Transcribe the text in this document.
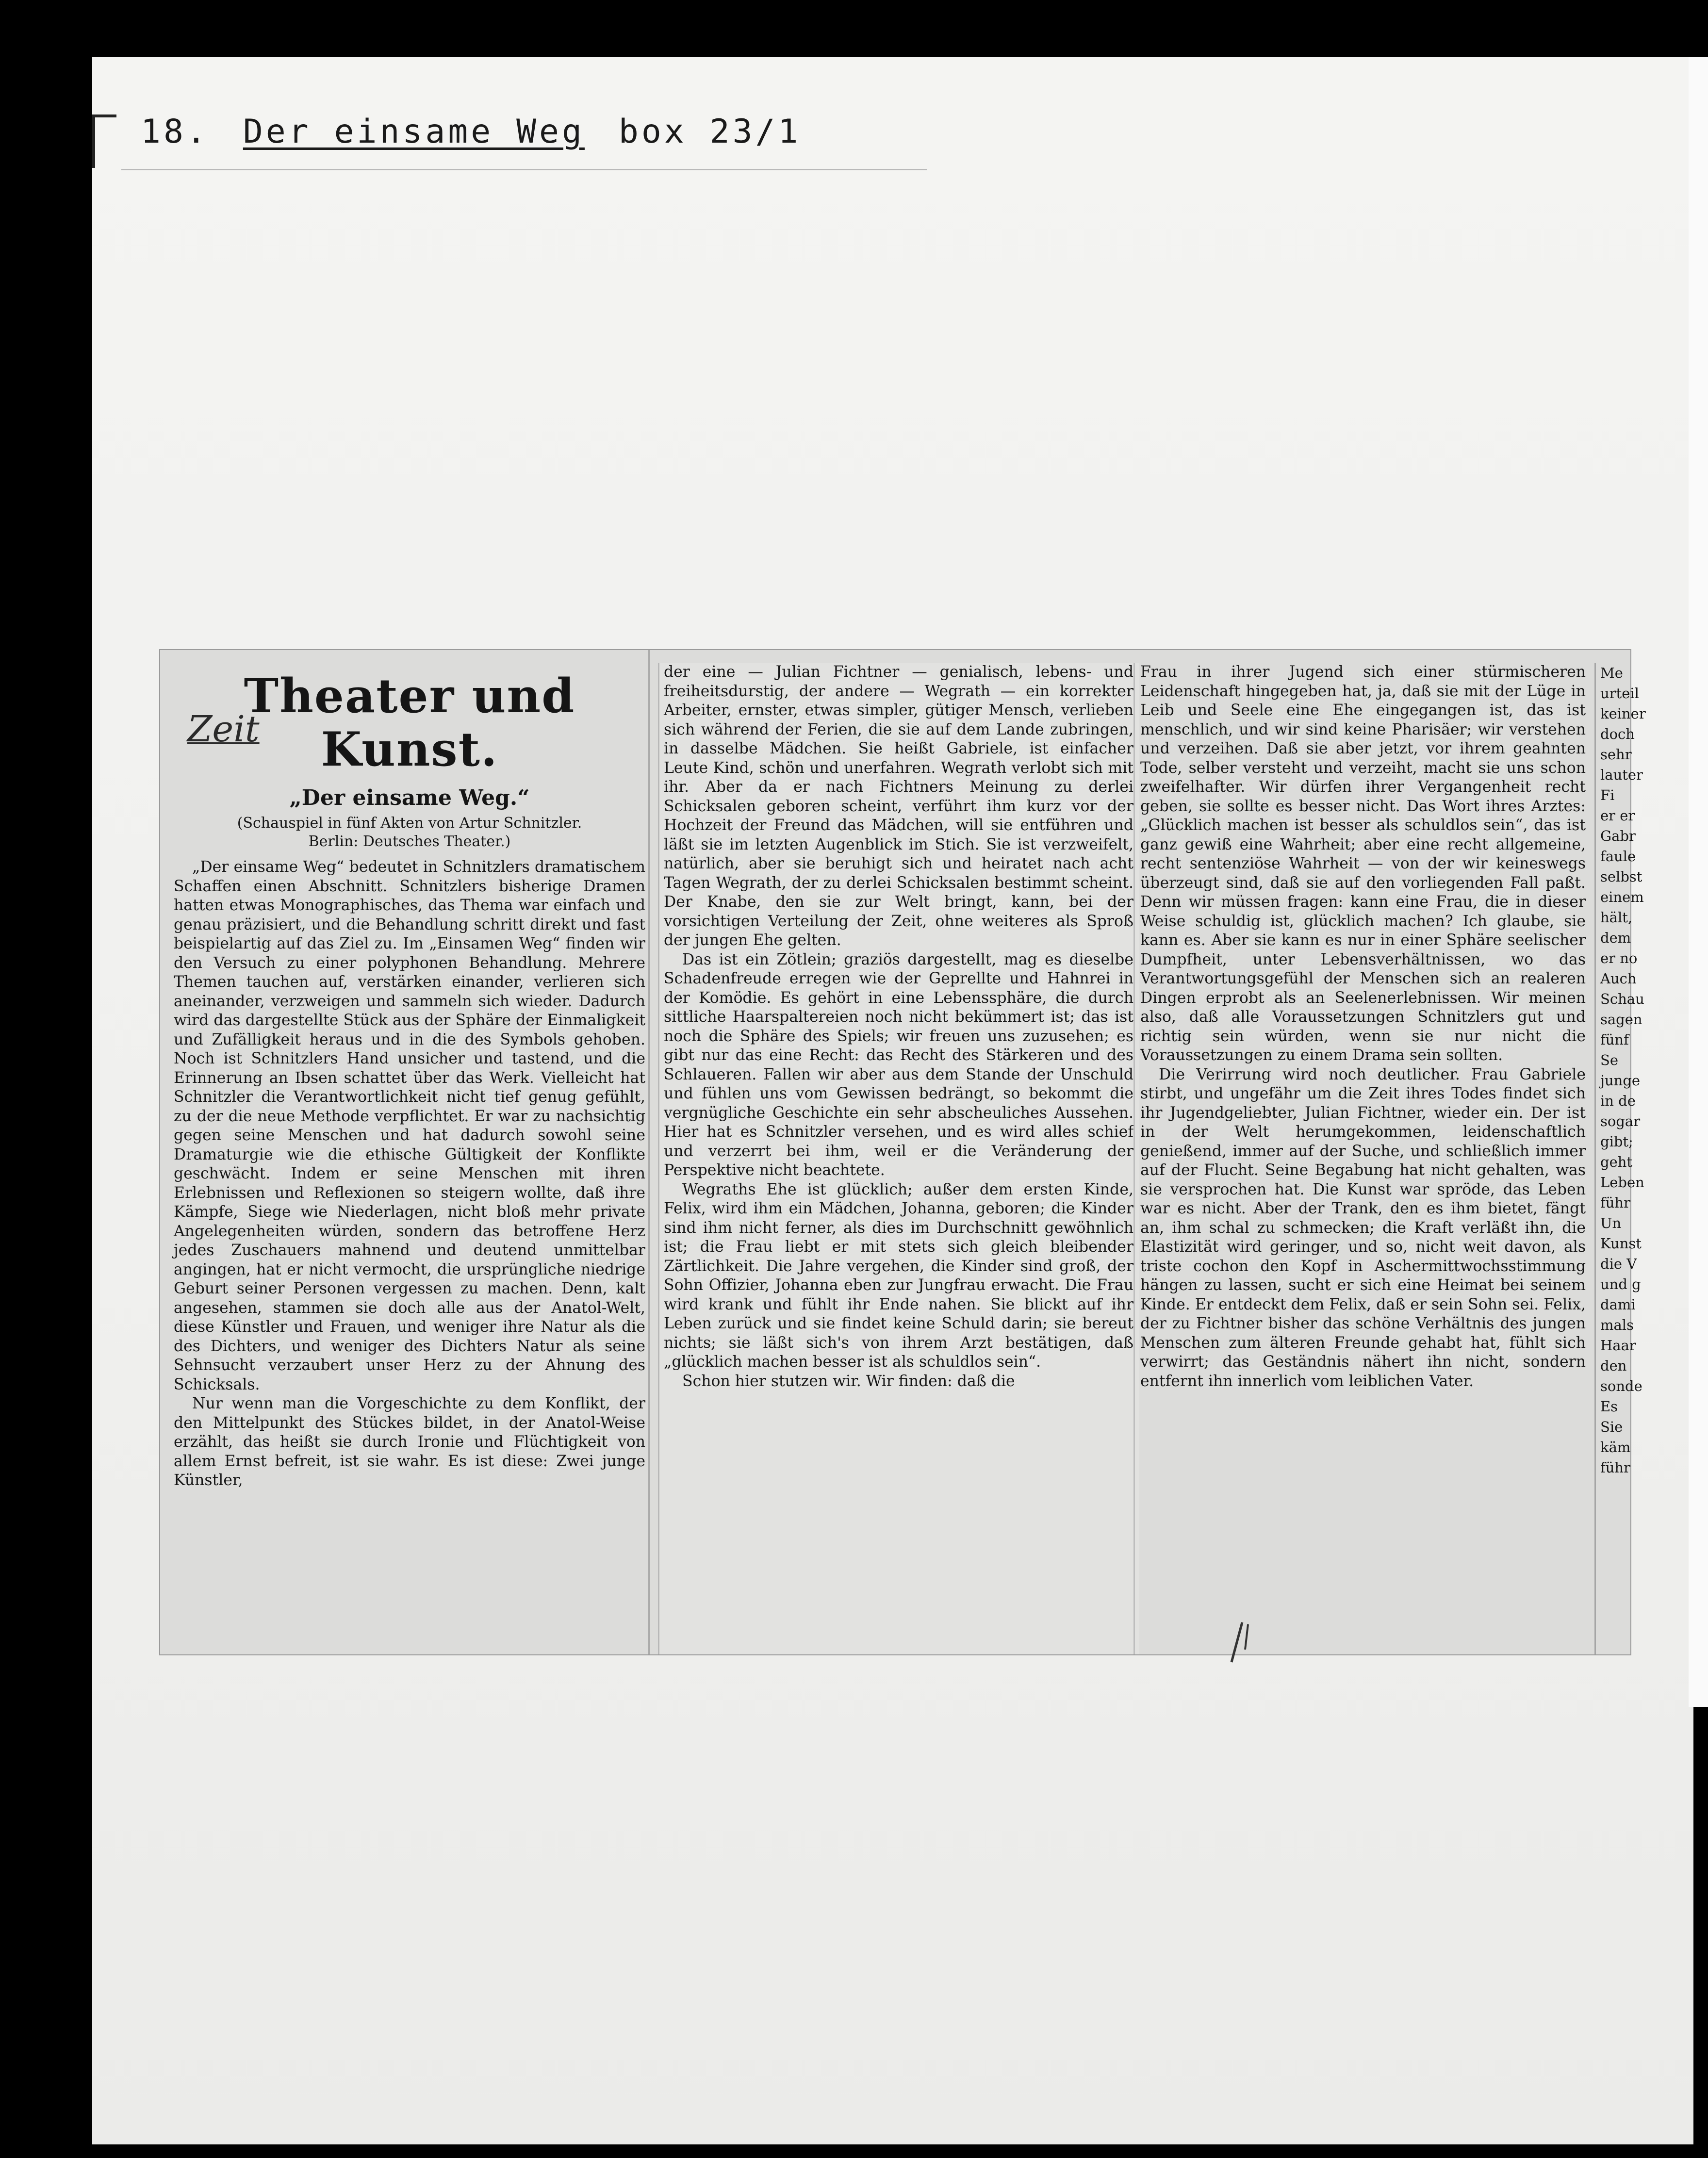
18. Der einsame Weg box 23/1
Zeit

Theater und Kunst.

„Der einsame Weg.“

(Schauspiel in fünf Akten von Artur Schnitzler.
Berlin: Deutsches Theater.)

„Der einsame Weg“ bedeutet in Schnitzlers dramatischem Schaffen einen Abschnitt. Schnitzlers bisherige Dramen hatten etwas Monographisches, das Thema war einfach und genau präzisiert, und die Behandlung schritt direkt und fast beispielartig auf das Ziel zu. Im „Einsamen Weg“ finden wir den Versuch zu einer polyphonen Behandlung. Mehrere Themen tauchen auf, verstärken einander, verlieren sich aneinander, verzweigen und sammeln sich wieder. Dadurch wird das dargestellte Stück aus der Sphäre der Einmaligkeit und Zufälligkeit heraus und in die des Symbols gehoben. Noch ist Schnitzlers Hand unsicher und tastend, und die Erinnerung an Ibsen schattet über das Werk. Vielleicht hat Schnitzler die Verantwortlichkeit nicht tief genug gefühlt, zu der die neue Methode verpflichtet. Er war zu nachsichtig gegen seine Menschen und hat dadurch sowohl seine Dramaturgie wie die ethische Gültigkeit der Konflikte geschwächt. Indem er seine Menschen mit ihren Erlebnissen und Reflexionen so steigern wollte, daß ihre Kämpfe, Siege wie Niederlagen, nicht bloß mehr private Angelegenheiten würden, sondern das betroffene Herz jedes Zuschauers mahnend und deutend unmittelbar angingen, hat er nicht vermocht, die ursprüngliche niedrige Geburt seiner Personen vergessen zu machen. Denn, kalt angesehen, stammen sie doch alle aus der Anatol-Welt, diese Künstler und Frauen, und weniger ihre Natur als die des Dichters, und weniger des Dichters Natur als seine Sehnsucht verzaubert unser Herz zu der Ahnung des Schicksals.

Nur wenn man die Vorgeschichte zu dem Konflikt, der den Mittelpunkt des Stückes bildet, in der Anatol-Weise erzählt, das heißt sie durch Ironie und Flüchtigkeit von allem Ernst befreit, ist sie wahr. Es ist diese: Zwei junge Künstler,

der eine — Julian Fichtner — genialisch, lebens- und freiheitsdurstig, der andere — Wegrath — ein korrekter Arbeiter, ernster, etwas simpler, gütiger Mensch, verlieben sich während der Ferien, die sie auf dem Lande zubringen, in dasselbe Mädchen. Sie heißt Gabriele, ist einfacher Leute Kind, schön und unerfahren. Wegrath verlobt sich mit ihr. Aber da er nach Fichtners Meinung zu derlei Schicksalen geboren scheint, verführt ihm kurz vor der Hochzeit der Freund das Mädchen, will sie entführen und läßt sie im letzten Augenblick im Stich. Sie ist verzweifelt, natürlich, aber sie beruhigt sich und heiratet nach acht Tagen Wegrath, der zu derlei Schicksalen bestimmt scheint. Der Knabe, den sie zur Welt bringt, kann, bei der vorsichtigen Verteilung der Zeit, ohne weiteres als Sproß der jungen Ehe gelten.

Das ist ein Zötlein; graziös dargestellt, mag es dieselbe Schadenfreude erregen wie der Geprellte und Hahnrei in der Komödie. Es gehört in eine Lebenssphäre, die durch sittliche Haarspaltereien noch nicht bekümmert ist; das ist noch die Sphäre des Spiels; wir freuen uns zuzusehen; es gibt nur das eine Recht: das Recht des Stärkeren und des Schlaueren. Fallen wir aber aus dem Stande der Unschuld und fühlen uns vom Gewissen bedrängt, so bekommt die vergnügliche Geschichte ein sehr abscheuliches Aussehen. Hier hat es Schnitzler versehen, und es wird alles schief und verzerrt bei ihm, weil er die Veränderung der Perspektive nicht beachtete.

Wegraths Ehe ist glücklich; außer dem ersten Kinde, Felix, wird ihm ein Mädchen, Johanna, geboren; die Kinder sind ihm nicht ferner, als dies im Durchschnitt gewöhnlich ist; die Frau liebt er mit stets sich gleich bleibender Zärtlichkeit. Die Jahre vergehen, die Kinder sind groß, der Sohn Offizier, Johanna eben zur Jungfrau erwacht. Die Frau wird krank und fühlt ihr Ende nahen. Sie blickt auf ihr Leben zurück und sie findet keine Schuld darin; sie bereut nichts; sie läßt sich's von ihrem Arzt bestätigen, daß „glücklich machen besser ist als schuldlos sein“.

Schon hier stutzen wir. Wir finden: daß die

Frau in ihrer Jugend sich einer stürmischeren Leidenschaft hingegeben hat, ja, daß sie mit der Lüge in Leib und Seele eine Ehe eingegangen ist, das ist menschlich, und wir sind keine Pharisäer; wir verstehen und verzeihen. Daß sie aber jetzt, vor ihrem geahnten Tode, selber versteht und verzeiht, macht sie uns schon zweifelhafter. Wir dürfen ihrer Vergangenheit recht geben, sie sollte es besser nicht. Das Wort ihres Arztes: „Glücklich machen ist besser als schuldlos sein“, das ist ganz gewiß eine Wahrheit; aber eine recht allgemeine, recht sentenziöse Wahrheit — von der wir keineswegs überzeugt sind, daß sie auf den vorliegenden Fall paßt. Denn wir müssen fragen: kann eine Frau, die in dieser Weise schuldig ist, glücklich machen? Ich glaube, sie kann es. Aber sie kann es nur in einer Sphäre seelischer Dumpfheit, unter Lebensverhältnissen, wo das Verantwortungsgefühl der Menschen sich an realeren Dingen erprobt als an Seelenerlebnissen. Wir meinen also, daß alle Voraussetzungen Schnitzlers gut und richtig sein würden, wenn sie nur nicht die Voraussetzungen zu einem Drama sein sollten.

Die Verirrung wird noch deutlicher. Frau Gabriele stirbt, und ungefähr um die Zeit ihres Todes findet sich ihr Jugendgeliebter, Julian Fichtner, wieder ein. Der ist in der Welt herumgekommen, leidenschaftlich genießend, immer auf der Suche, und schließlich immer auf der Flucht. Seine Begabung hat nicht gehalten, was sie versprochen hat. Die Kunst war spröde, das Leben war es nicht. Aber der Trank, den es ihm bietet, fängt an, ihm schal zu schmecken; die Kraft verläßt ihn, die Elastizität wird geringer, und so, nicht weit davon, als triste cochon den Kopf in Aschermittwochsstimmung hängen zu lassen, sucht er sich eine Heimat bei seinem Kinde. Er entdeckt dem Felix, daß er sein Sohn sei. Felix, der zu Fichtner bisher das schöne Verhältnis des jungen Menschen zum älteren Freunde gehabt hat, fühlt sich verwirrt; das Geständnis nähert ihn nicht, sondern entfernt ihn innerlich vom leiblichen Vater.

Me
urteil
keiner
doch
sehr
lauter
Fi
er er
Gabr
faule
selbst
einem
hält,
dem
er no
Auch
Schau
sagen
fünf
Se
junge
in de
sogar
gibt;
geht
Leben
führ
Un
Kunst
die V
und g
dami
mals
Haar
den
sonde
Es
Sie
käm
führ
